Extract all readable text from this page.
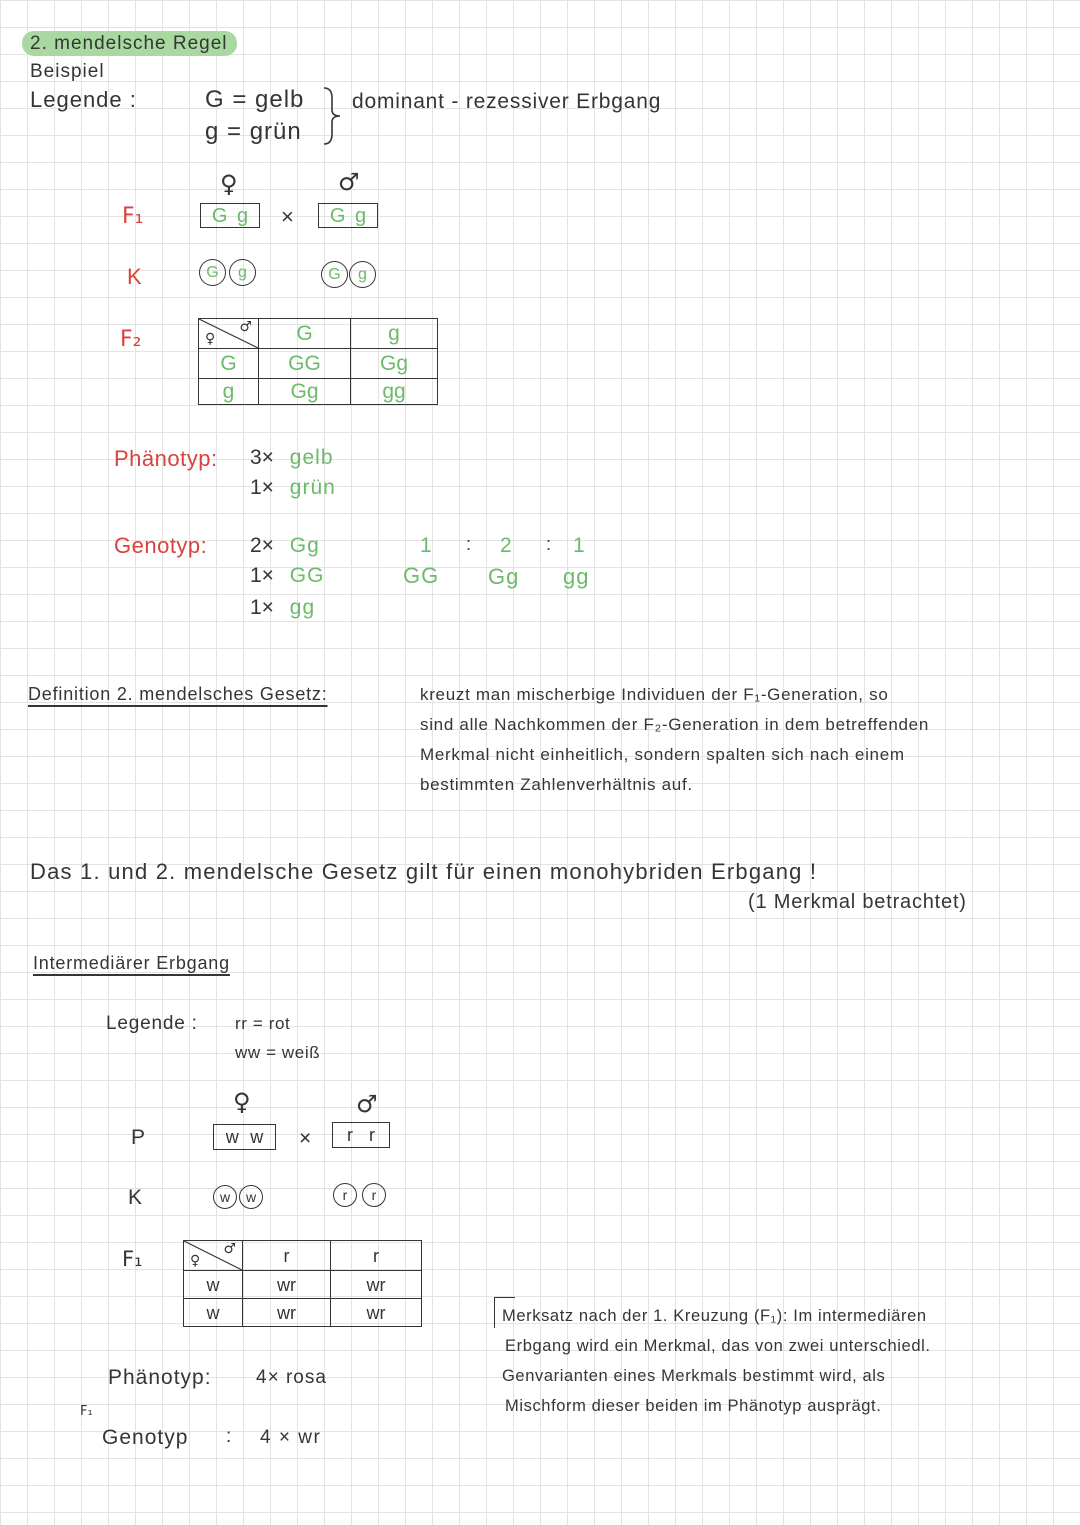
2. mendelsche Regel
Beispiel
Legende :	G = gelb
g = grün
dominant - rezessiver Erbgang
♀	♂
F₁	G g × G g
K	G	g	G	g
F₂	♀
♂	G	g
G	GG	Gg
g	Gg	gg
Phänotyp: 3× gelb
1× grün
Genotyp: 2× Gg
1× GG
1× gg
1 : 2 : 1
GG Gg gg
Definition 2. mendelsches Gesetz:	kreuzt man mischerbige Individuen der F₁-Generation, so
sind alle Nachkommen der F₂-Generation in dem betreffenden
Merkmal nicht einheitlich, sondern spalten sich nach einem
bestimmten Zahlenverhältnis auf.
Das 1. und 2. mendelsche Gesetz gilt für einen monohybriden Erbgang !
(1 Merkmal betrachtet)
Intermediärer Erbgang
Legende : rr = rot
ww = weiß
♀	♂
P	w w × r r
K	w	w	r	r
F₁	♀
♂	r	r
w	wr	wr
w	wr	wr
Phänotyp: 4× rosa
F₁
Genotyp : 4 × wr
Merksatz nach der 1. Kreuzung (F₁): Im intermediären
Erbgang wird ein Merkmal, das von zwei unterschiedl.
Genvarianten eines Merkmals bestimmt wird, als
Mischform dieser beiden im Phänotyp ausprägt.
